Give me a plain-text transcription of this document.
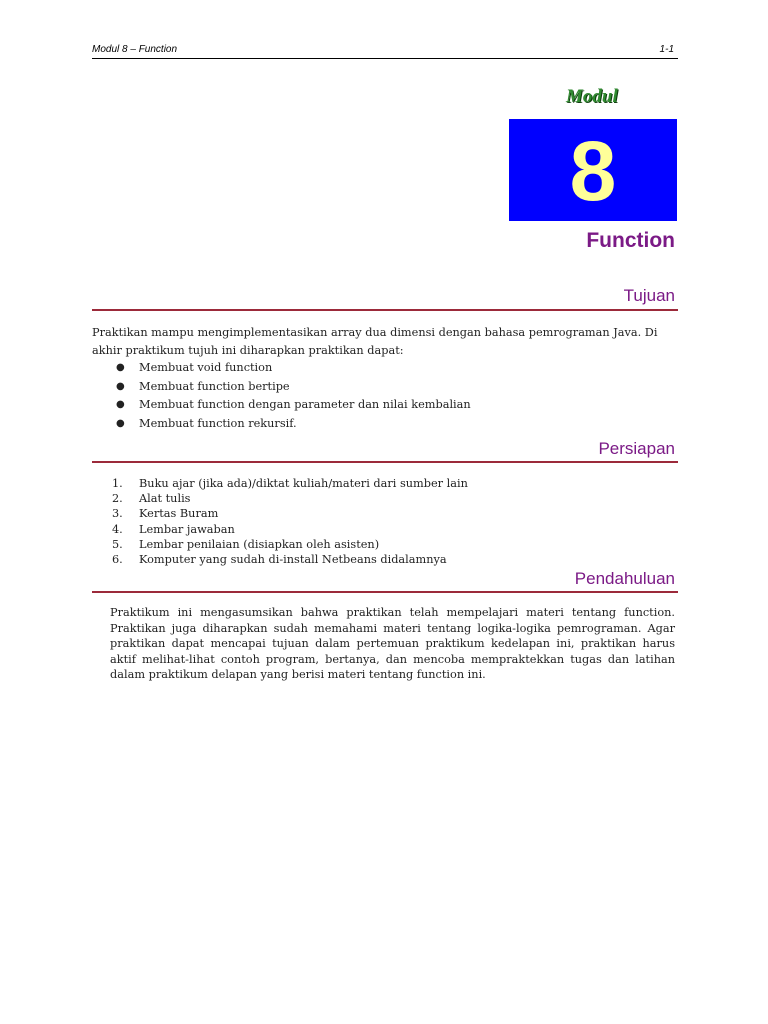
Modul 8 – Function	1-1
Modul
8
Function
Tujuan
Praktikan mampu mengimplementasikan array dua dimensi dengan bahasa pemrograman Java. Di akhir praktikum tujuh ini diharapkan praktikan dapat:
● Membuat void function
● Membuat function bertipe
● Membuat function dengan parameter dan nilai kembalian
● Membuat function rekursif.
Persiapan
1. Buku ajar (jika ada)/diktat kuliah/materi dari sumber lain
2. Alat tulis
3. Kertas Buram
4. Lembar jawaban
5. Lembar penilaian (disiapkan oleh asisten)
6. Komputer yang sudah di-install Netbeans didalamnya
Pendahuluan
Praktikum ini mengasumsikan bahwa praktikan telah mempelajari materi tentang function. Praktikan juga diharapkan sudah memahami materi tentang logika-logika pemrograman. Agar praktikan dapat mencapai tujuan dalam pertemuan praktikum kedelapan ini, praktikan harus aktif melihat-lihat contoh program, bertanya, dan mencoba mempraktekkan tugas dan latihan dalam praktikum delapan yang berisi materi tentang function ini.
